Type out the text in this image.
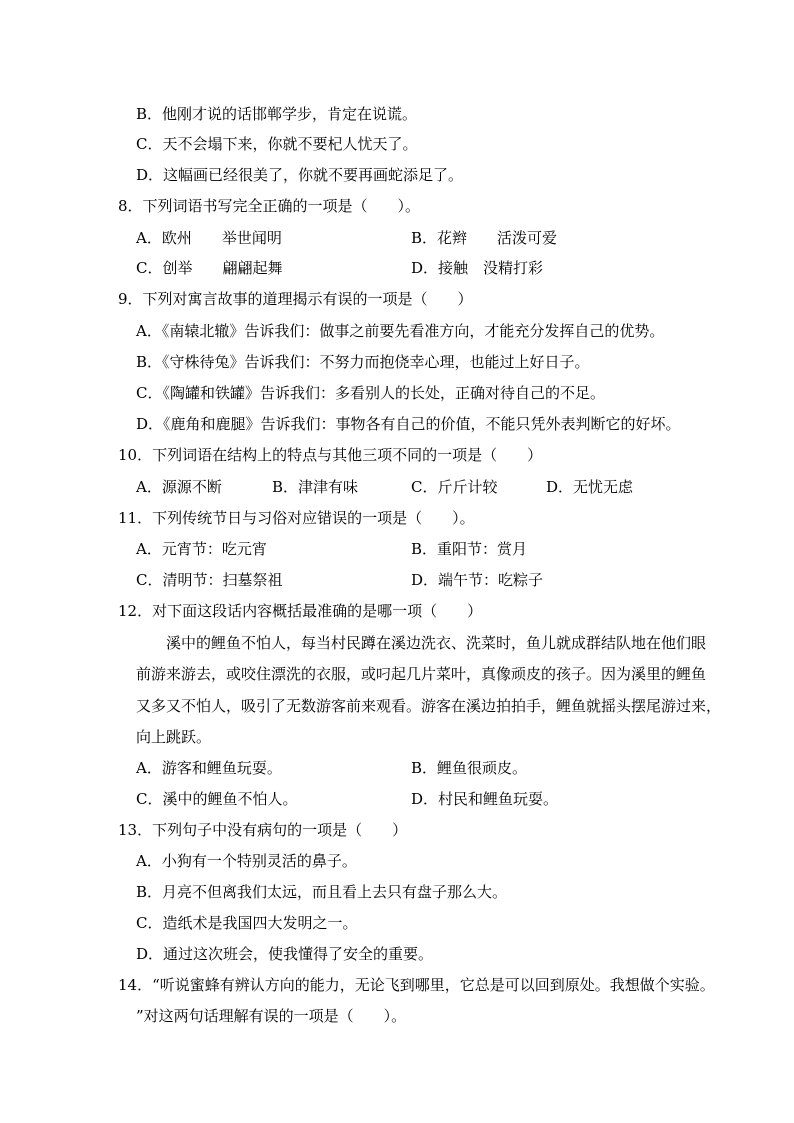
B．他刚才说的话邯郸学步，肯定在说谎。
C．天不会塌下来，你就不要杞人忧天了。
D．这幅画已经很美了，你就不要再画蛇添足了。
8．下列词语书写完全正确的一项是（　　）。
A．欧州　　举世闻明	B．花辫　　活泼可爱
C．创举　　翩翩起舞	D．接触　没精打彩
9．下列对寓言故事的道理揭示有误的一项是（　　）
A．《南辕北辙》告诉我们：做事之前要先看准方向，才能充分发挥自己的优势。
B．《守株待兔》告诉我们：不努力而抱侥幸心理，也能过上好日子。
C．《陶罐和铁罐》告诉我们：多看别人的长处，正确对待自己的不足。
D．《鹿角和鹿腿》告诉我们：事物各有自己的价值，不能只凭外表判断它的好坏。
10．下列词语在结构上的特点与其他三项不同的一项是（　　）
A．源源不断	B．津津有味	C．斤斤计较	D．无忧无虑
11．下列传统节日与习俗对应错误的一项是（　　）。
A．元宵节：吃元宵	B．重阳节：赏月
C．清明节：扫墓祭祖	D．端午节：吃粽子
12．对下面这段话内容概括最准确的是哪一项（　　）
溪中的鲤鱼不怕人，每当村民蹲在溪边洗衣、洗菜时，鱼儿就成群结队地在他们眼
前游来游去，或咬住漂洗的衣服，或叼起几片菜叶，真像顽皮的孩子。因为溪里的鲤鱼
又多又不怕人，吸引了无数游客前来观看。游客在溪边拍拍手，鲤鱼就摇头摆尾游过来，
向上跳跃。
A．游客和鲤鱼玩耍。	B．鲤鱼很顽皮。
C．溪中的鲤鱼不怕人。	D．村民和鲤鱼玩耍。
13．下列句子中没有病句的一项是（　　）
A．小狗有一个特别灵活的鼻子。
B．月亮不但离我们太远，而且看上去只有盘子那么大。
C．造纸术是我国四大发明之一。
D．通过这次班会，使我懂得了安全的重要。
14．“听说蜜蜂有辨认方向的能力，无论飞到哪里，它总是可以回到原处。我想做个实验。
”对这两句话理解有误的一项是（　　）。
